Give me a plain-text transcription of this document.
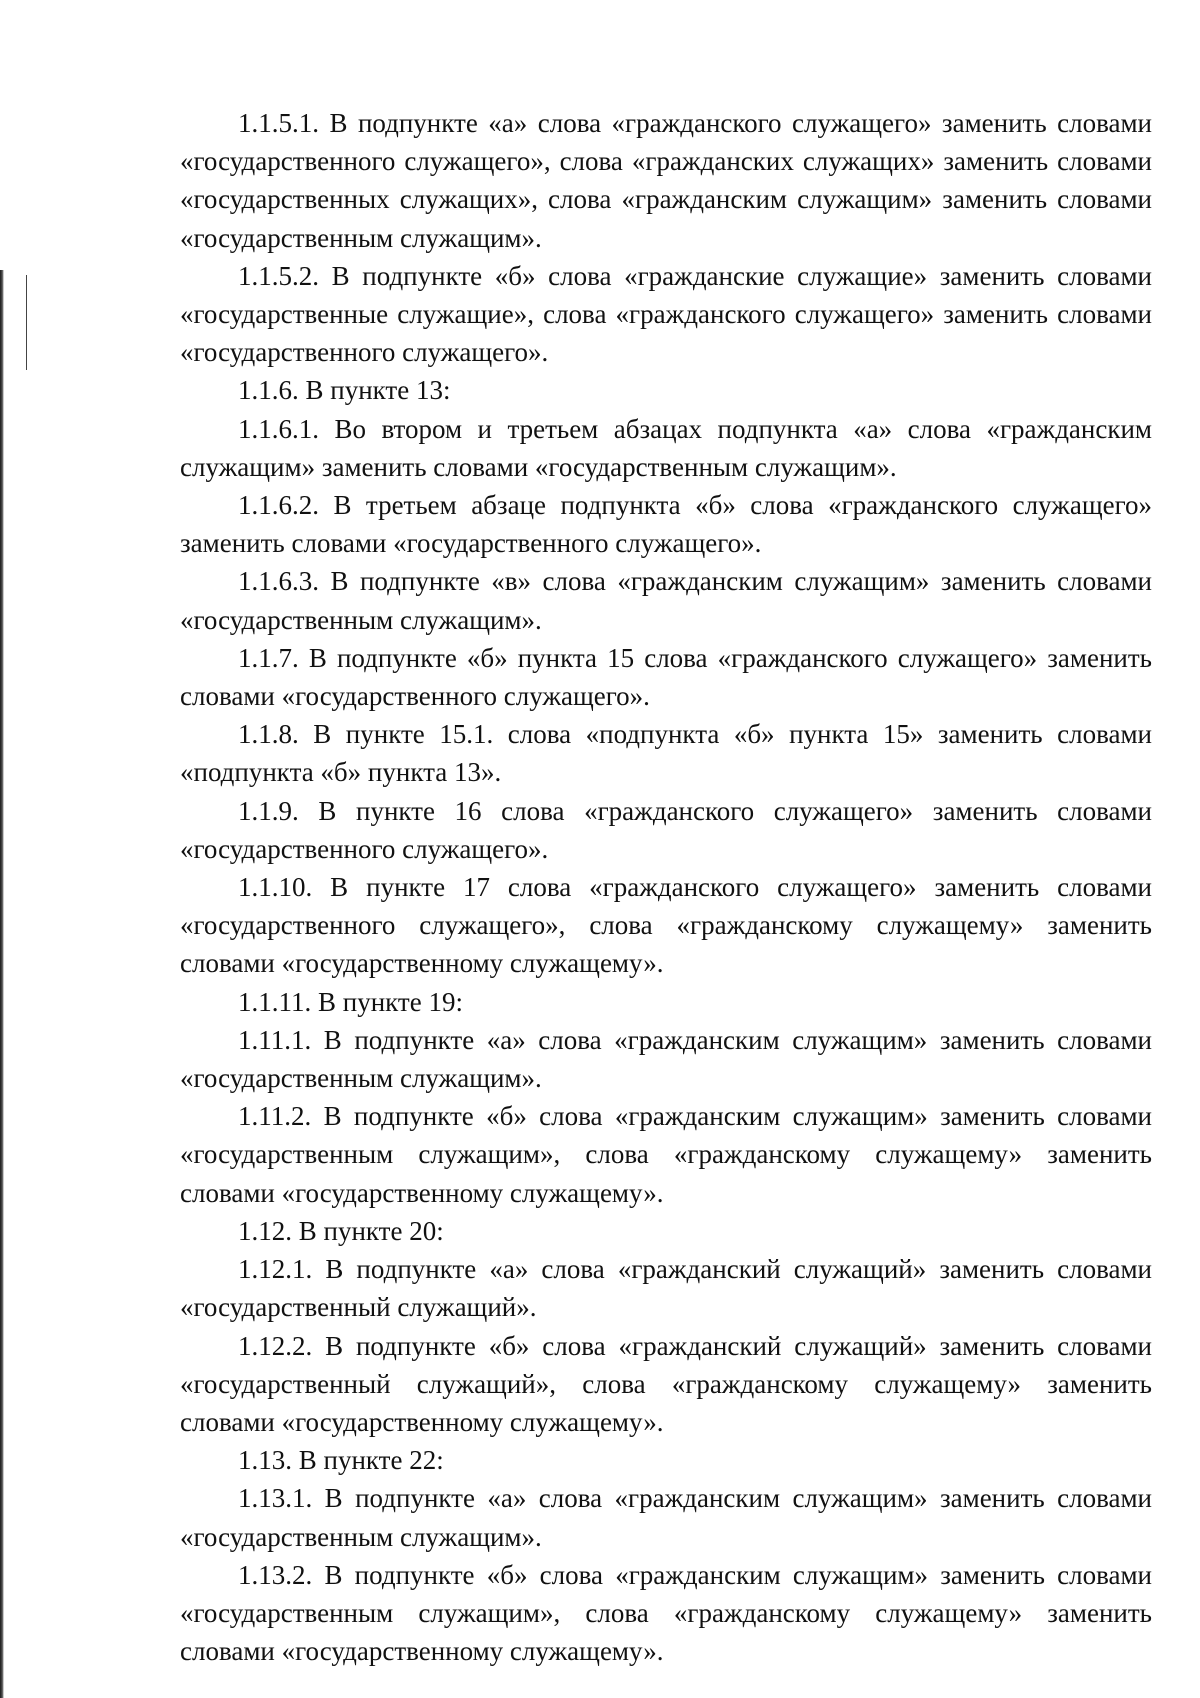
1.1.5.1. В подпункте «а» слова «гражданского служащего» заменить словами «государственного служащего», слова «гражданских служащих» заменить словами «государственных служащих», слова «гражданским служащим» заменить словами «государственным служащим».

1.1.5.2. В подпункте «б» слова «гражданские служащие» заменить словами «государственные служащие», слова «гражданского служащего» заменить словами «государственного служащего».

1.1.6. В пункте 13:

1.1.6.1. Во втором и третьем абзацах подпункта «а» слова «гражданским служащим» заменить словами «государственным служащим».

1.1.6.2. В третьем абзаце подпункта «б» слова «гражданского служащего» заменить словами «государственного служащего».

1.1.6.3. В подпункте «в» слова «гражданским служащим» заменить словами «государственным служащим».

1.1.7. В подпункте «б» пункта 15 слова «гражданского служащего» заменить словами «государственного служащего».

1.1.8. В пункте 15.1. слова «подпункта «б» пункта 15» заменить словами «подпункта «б» пункта 13».

1.1.9. В пункте 16 слова «гражданского служащего» заменить словами «государственного служащего».

1.1.10. В пункте 17 слова «гражданского служащего» заменить словами «государственного служащего», слова «гражданскому служащему» заменить словами «государственному служащему».

1.1.11. В пункте 19:

1.11.1. В подпункте «а» слова «гражданским служащим» заменить словами «государственным служащим».

1.11.2. В подпункте «б» слова «гражданским служащим» заменить словами «государственным служащим», слова «гражданскому служащему» заменить словами «государственному служащему».

1.12. В пункте 20:

1.12.1. В подпункте «а» слова «гражданский служащий» заменить словами «государственный служащий».

1.12.2. В подпункте «б» слова «гражданский служащий» заменить словами «государственный служащий», слова «гражданскому служащему» заменить словами «государственному служащему».

1.13. В пункте 22:

1.13.1. В подпункте «а» слова «гражданским служащим» заменить словами «государственным служащим».

1.13.2. В подпункте «б» слова «гражданским служащим» заменить словами «государственным служащим», слова «гражданскому служащему» заменить словами «государственному служащему».
